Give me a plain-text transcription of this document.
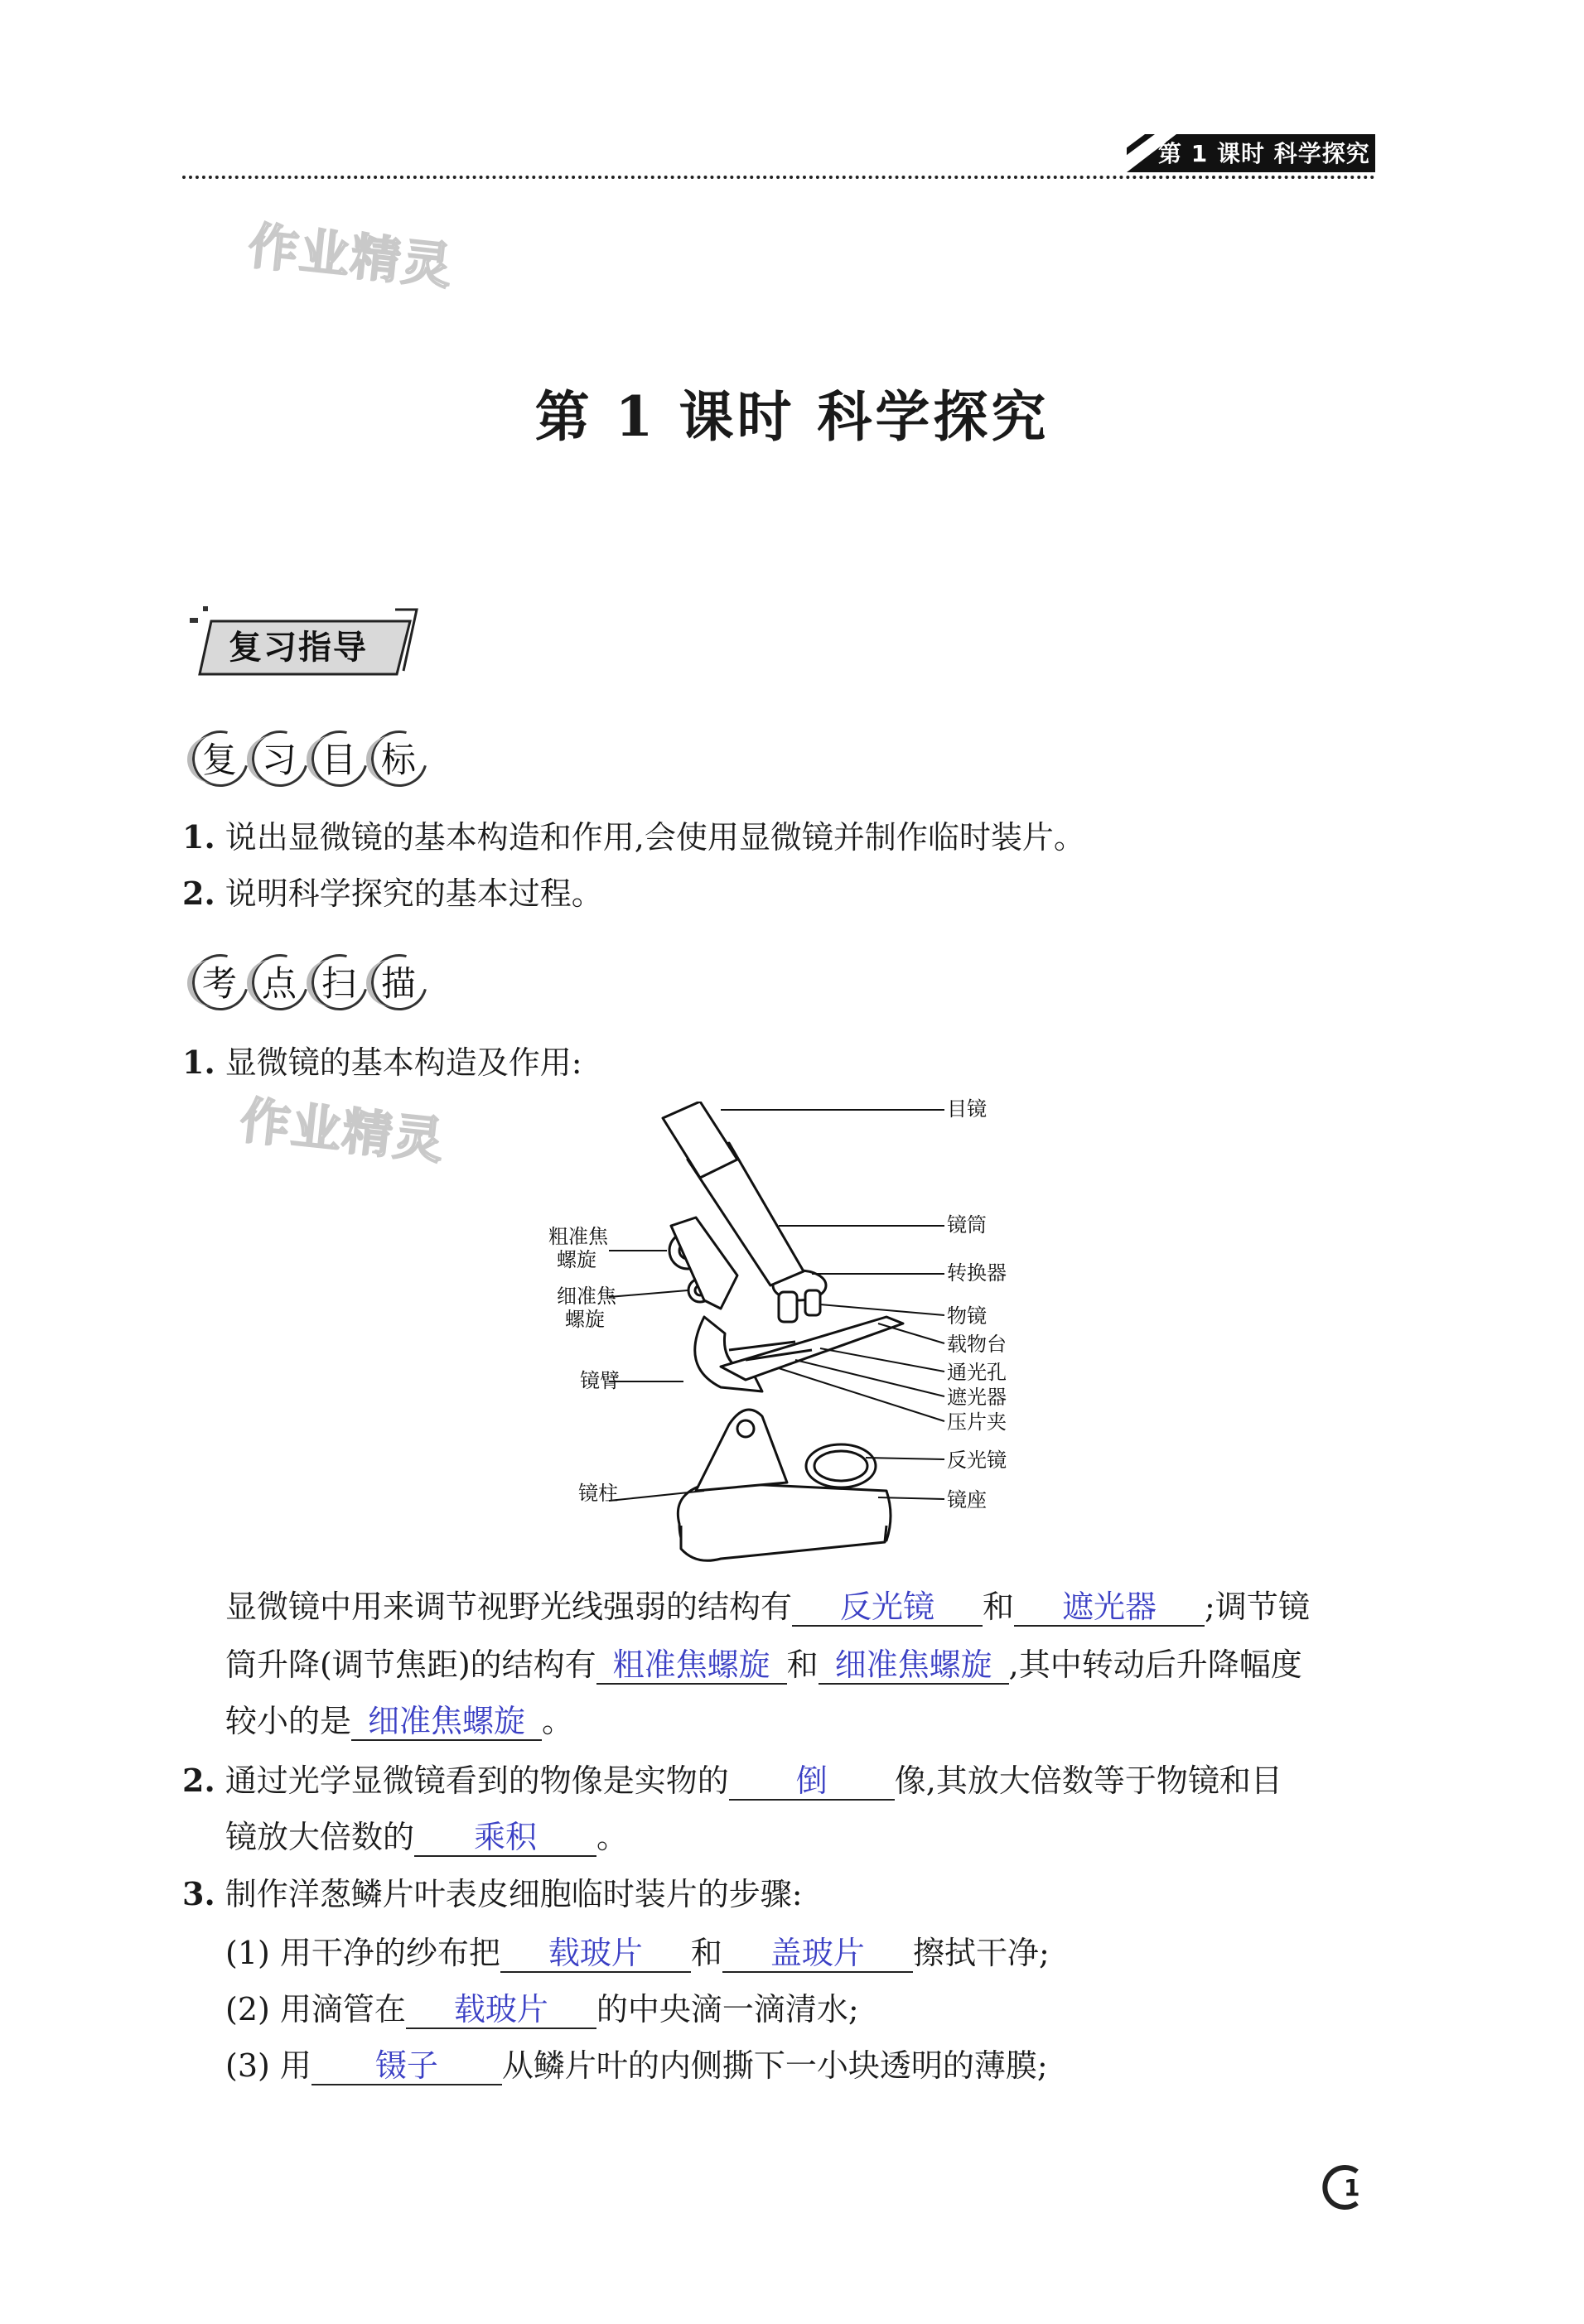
第 1 课时 科学探究
作业精灵
作业精灵
第 1 课时 科学探究
复习指导
复 习 目 标
1. 说出显微镜的基本构造和作用,会使用显微镜并制作临时装片。
2. 说明科学探究的基本过程。
考 点 扫 描
1. 显微镜的基本构造及作用:
目镜
镜筒
转换器
物镜
载物台
通光孔
遮光器
压片夹
反光镜
镜座
粗准焦
螺旋
细准焦
螺旋
镜臂
镜柱
显微镜中用来调节视野光线强弱的结构有 反光镜 和 遮光器 ;调节镜
筒升降(调节焦距)的结构有 粗准焦螺旋 和 细准焦螺旋 ,其中转动后升降幅度
较小的是 细准焦螺旋 。
2. 通过光学显微镜看到的物像是实物的 倒 像,其放大倍数等于物镜和目
镜放大倍数的 乘积 。
3. 制作洋葱鳞片叶表皮细胞临时装片的步骤:
(1) 用干净的纱布把 载玻片 和 盖玻片 擦拭干净;
(2) 用滴管在 载玻片 的中央滴一滴清水;
(3) 用 镊子 从鳞片叶的内侧撕下一小块透明的薄膜;
1
